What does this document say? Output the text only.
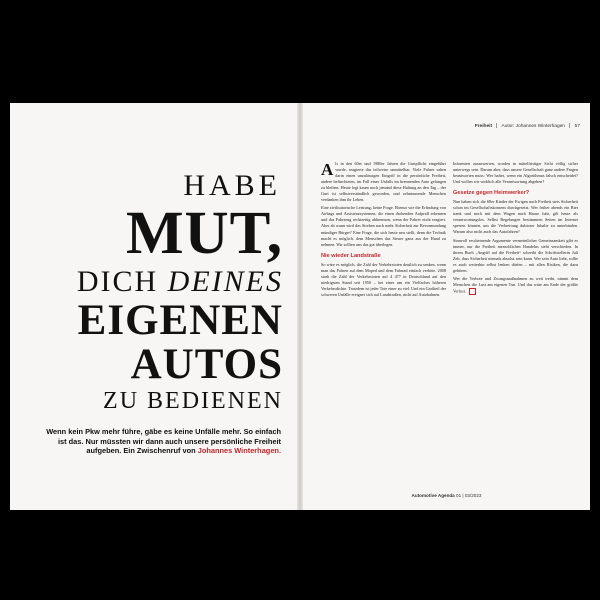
HABE
MUT,
DICH DEINES
EIGENEN
AUTOS
ZU BEDIENEN
Wenn kein Pkw mehr führe, gäbe es keine Unfälle mehr. So einfach ist das. Nur müssten wir dann auch unsere persönliche Freiheit aufgeben. Ein Zwischenruf von Johannes Winterhagen.
Freiheit Autor: Johannes Winterhagen 57

Als in den 60er und 1980er Jahren die Gurtpflicht eingeführt wurde, reagierte das teilweise unmittelbar. Viele Fahrer sahen darin einen unzulässigen Eingriff in die persönliche Freiheit, andere befürchteten, im Fall eines Unfalls im brennenden Auto gefangen zu bleiben. Heute legt kaum noch jemand diese Haltung an den Tag – der Gurt ist selbstverständlich geworden, und zehntausende Menschen verdanken ihm ihr Leben.

Eine zivilisatorische Leistung, keine Frage. Ebenso wie die Erfindung von Airbags und Assistenzsystemen, die einen drohenden Aufprall erkennen und das Fahrzeug rechtzeitig abbremsen, wenn der Fahrer nicht reagiert. Aber ab wann wird das Streben nach mehr Sicherheit zur Bevormundung mündiger Bürger? Eine Frage, die sich heute neu stellt, denn die Technik macht es möglich, dem Menschen das Steuer ganz aus der Hand zu nehmen. Wir sollten uns das gut überlegen.

Nie wieder Landstraße

So wäre es möglich, die Zahl der Verkehrstoten deutlich zu senken, wenn man das Fahren auf dem Moped und dem Fahrrad einfach verböte. 2008 starb die Zahl der Verkehrstoten auf 4 477 in Deutschland auf den niedrigsten Stand seit 1950 – bei einer um ein Vielfaches höheren Verkehrsdichte. Trotzdem ist jeder Tote einer zu viel. Und ein Großteil der schweren Unfälle ereignet sich auf Landstraßen, nicht auf Autobahnen.

Informiert auszuwerten, worden in mittelfristiger Sicht völlig sicher unterwegs sein. Darum aber, dass unsere Gesellschaft ganz andere Fragen beantworten muss: Wer haftet, wenn ein Algorithmus falsch entscheidet? Und wollen wir wirklich alle Verantwortung abgeben?

Gesetze gegen Heimwerker?

Nun haben sich die 68er Kinder der Ewigen nach Freiheit stets Sicherheit schon im Gesellschaftskonsens durchgesetzt. Wer früher abends ein Bier trank und noch mit dem Wagen nach Hause fuhr, gilt heute als verantwortungslos. Selbst Regelungen bestimmten Seiten im Internet sperren können, um die Verbreitung dubioser Inhalte zu unterbinden. Warum also nicht auch das Autofahren?

Sinnvoll erscheinende Argumente vermeintlicher Gemeinsamkeit gibt es immer, nur die Freiheit menschlichen Handelns steht verschieden. In ihrem Buch „Angriff auf die Freiheit“ schreibt die Schriftstellerin Juli Zeh, dass Sicherheit niemals absolut sein kann. Wer sein Auto liebt, sollte es auch weiterhin selbst lenken dürfen – mit allen Risiken, die dazu gehören.

Wer die Verbote und Zwangsmaßnahmen zu weit treibt, nimmt dem Menschen die Lust am eigenen Tun. Und das wäre am Ende der größte Verlust.

Automotive Agenda 01 | 03/2023
